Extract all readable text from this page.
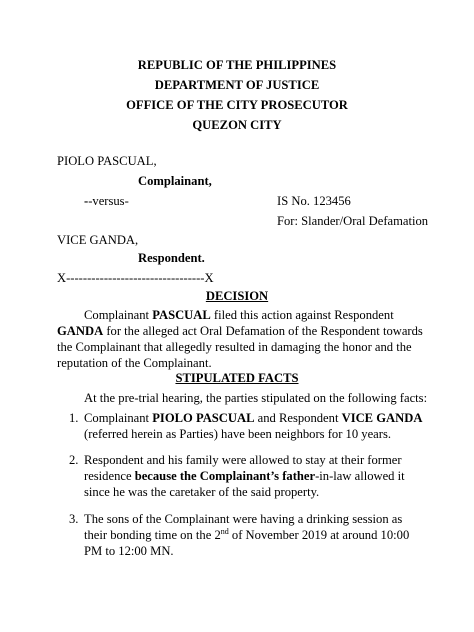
REPUBLIC OF THE PHILIPPINES
DEPARTMENT OF JUSTICE
OFFICE OF THE CITY PROSECUTOR
QUEZON CITY
PIOLO PASCUAL,
Complainant,
--versus-	IS No. 123456
For: Slander/Oral Defamation
VICE GANDA,
Respondent.
X---------------------------------X
DECISION
Complainant PASCUAL filed this action against Respondent GANDA for the alleged act Oral Defamation of the Respondent towards the Complainant that allegedly resulted in damaging the honor and the reputation of the Complainant.
STIPULATED FACTS
At the pre-trial hearing, the parties stipulated on the following facts:
1. Complainant PIOLO PASCUAL and Respondent VICE GANDA (referred herein as Parties) have been neighbors for 10 years.
2. Respondent and his family were allowed to stay at their former residence because the Complainant’s father-in-law allowed it since he was the caretaker of the said property.
3. The sons of the Complainant were having a drinking session as their bonding time on the 2nd of November 2019 at around 10:00 PM to 12:00 MN.
